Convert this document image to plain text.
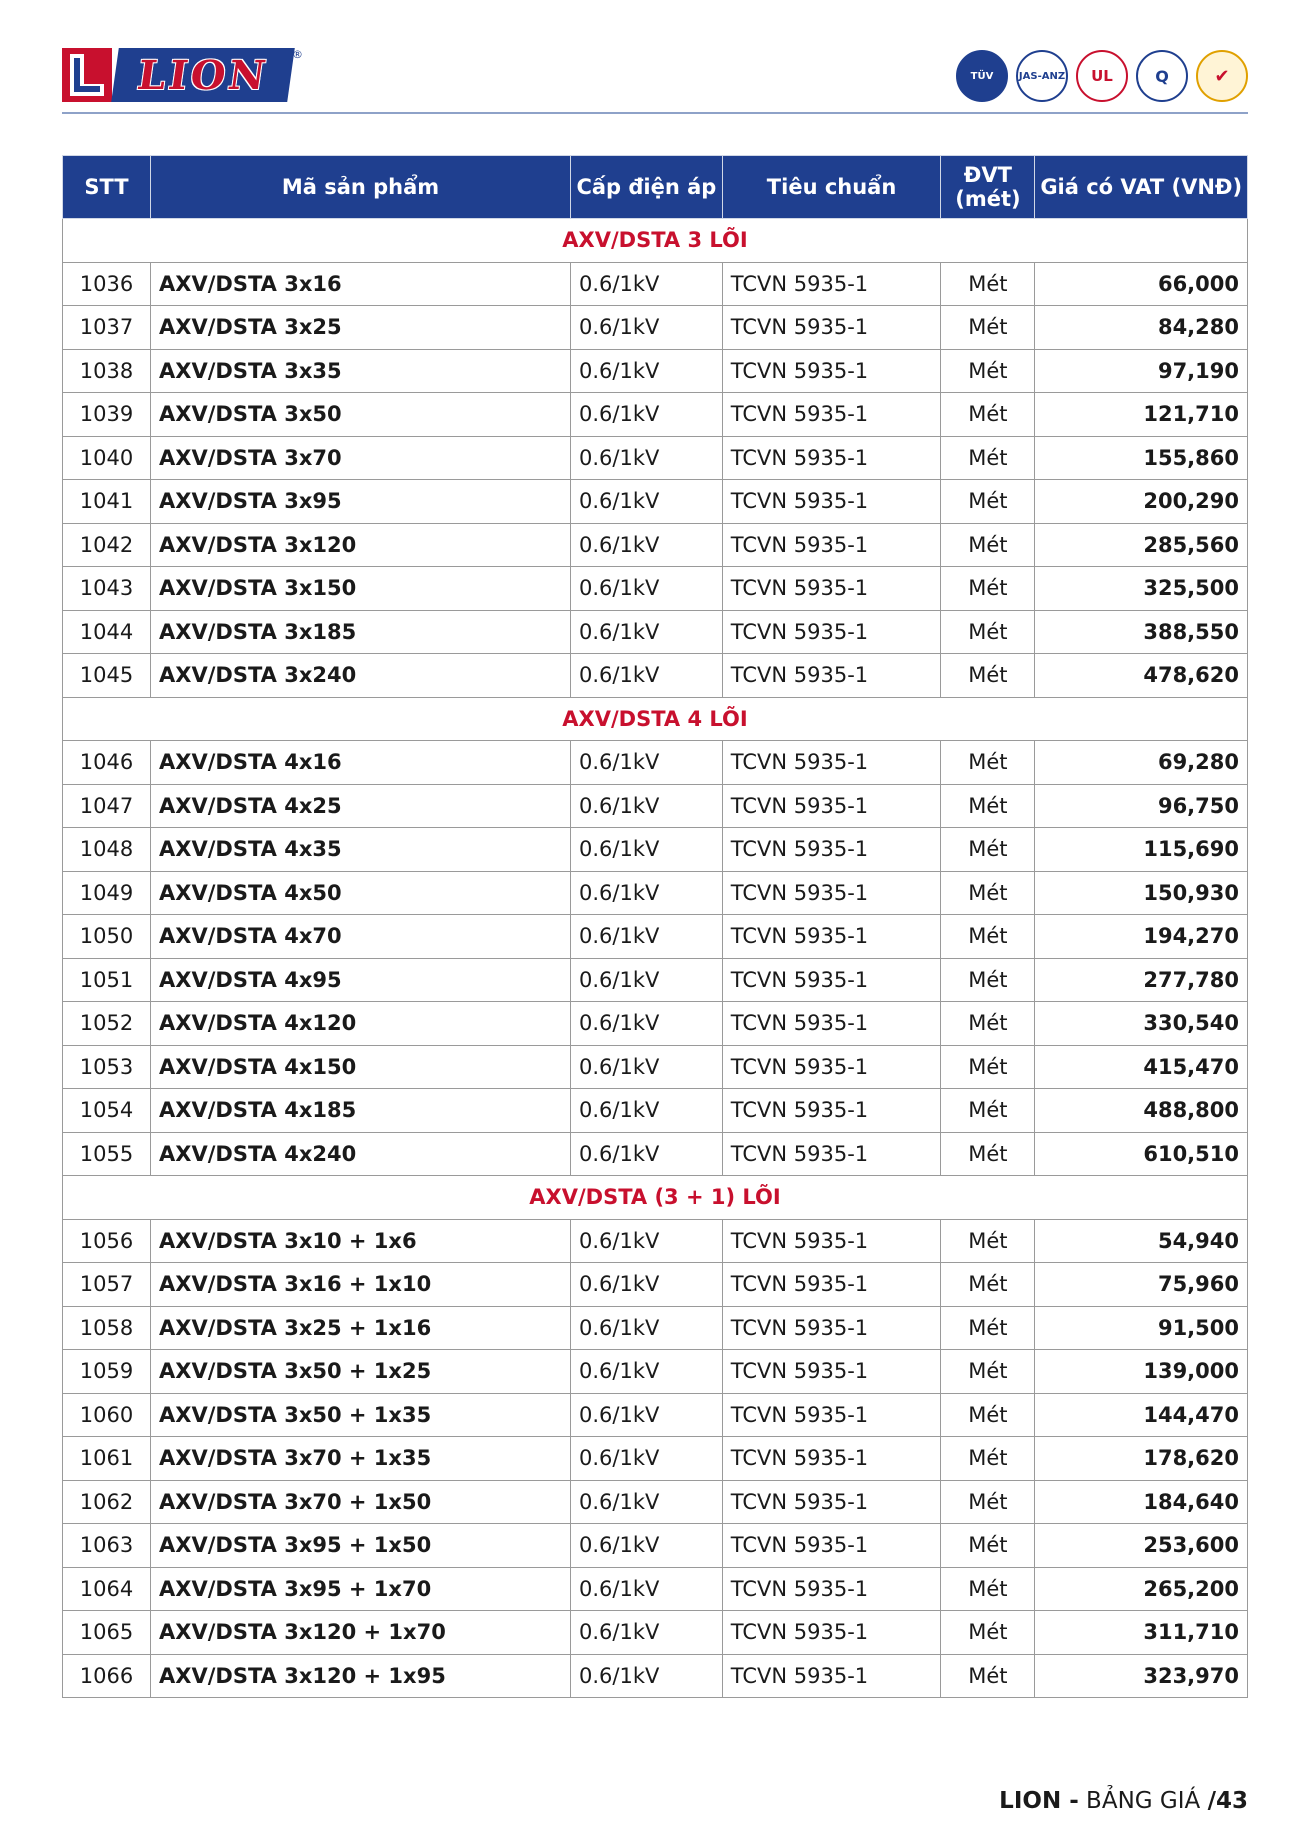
LION	®
TÜV	JAS-ANZ	UL	Q	✔
STT	Mã sản phẩm	Cấp điện áp	Tiêu chuẩn	ĐVT (mét)	Giá có VAT (VNĐ)
AXV/DSTA 3 LÕI					
1036	AXV/DSTA 3x16	0.6/1kV	TCVN 5935-1	Mét	66,000
1037	AXV/DSTA 3x25	0.6/1kV	TCVN 5935-1	Mét	84,280
1038	AXV/DSTA 3x35	0.6/1kV	TCVN 5935-1	Mét	97,190
1039	AXV/DSTA 3x50	0.6/1kV	TCVN 5935-1	Mét	121,710
1040	AXV/DSTA 3x70	0.6/1kV	TCVN 5935-1	Mét	155,860
1041	AXV/DSTA 3x95	0.6/1kV	TCVN 5935-1	Mét	200,290
1042	AXV/DSTA 3x120	0.6/1kV	TCVN 5935-1	Mét	285,560
1043	AXV/DSTA 3x150	0.6/1kV	TCVN 5935-1	Mét	325,500
1044	AXV/DSTA 3x185	0.6/1kV	TCVN 5935-1	Mét	388,550
1045	AXV/DSTA 3x240	0.6/1kV	TCVN 5935-1	Mét	478,620
AXV/DSTA 4 LÕI					
1046	AXV/DSTA 4x16	0.6/1kV	TCVN 5935-1	Mét	69,280
1047	AXV/DSTA 4x25	0.6/1kV	TCVN 5935-1	Mét	96,750
1048	AXV/DSTA 4x35	0.6/1kV	TCVN 5935-1	Mét	115,690
1049	AXV/DSTA 4x50	0.6/1kV	TCVN 5935-1	Mét	150,930
1050	AXV/DSTA 4x70	0.6/1kV	TCVN 5935-1	Mét	194,270
1051	AXV/DSTA 4x95	0.6/1kV	TCVN 5935-1	Mét	277,780
1052	AXV/DSTA 4x120	0.6/1kV	TCVN 5935-1	Mét	330,540
1053	AXV/DSTA 4x150	0.6/1kV	TCVN 5935-1	Mét	415,470
1054	AXV/DSTA 4x185	0.6/1kV	TCVN 5935-1	Mét	488,800
1055	AXV/DSTA 4x240	0.6/1kV	TCVN 5935-1	Mét	610,510
AXV/DSTA (3 + 1) LÕI					
1056	AXV/DSTA 3x10 + 1x6	0.6/1kV	TCVN 5935-1	Mét	54,940
1057	AXV/DSTA 3x16 + 1x10	0.6/1kV	TCVN 5935-1	Mét	75,960
1058	AXV/DSTA 3x25 + 1x16	0.6/1kV	TCVN 5935-1	Mét	91,500
1059	AXV/DSTA 3x50 + 1x25	0.6/1kV	TCVN 5935-1	Mét	139,000
1060	AXV/DSTA 3x50 + 1x35	0.6/1kV	TCVN 5935-1	Mét	144,470
1061	AXV/DSTA 3x70 + 1x35	0.6/1kV	TCVN 5935-1	Mét	178,620
1062	AXV/DSTA 3x70 + 1x50	0.6/1kV	TCVN 5935-1	Mét	184,640
1063	AXV/DSTA 3x95 + 1x50	0.6/1kV	TCVN 5935-1	Mét	253,600
1064	AXV/DSTA 3x95 + 1x70	0.6/1kV	TCVN 5935-1	Mét	265,200
1065	AXV/DSTA 3x120 + 1x70	0.6/1kV	TCVN 5935-1	Mét	311,710
1066	AXV/DSTA 3x120 + 1x95	0.6/1kV	TCVN 5935-1	Mét	323,970
LION - BẢNG GIÁ /43
